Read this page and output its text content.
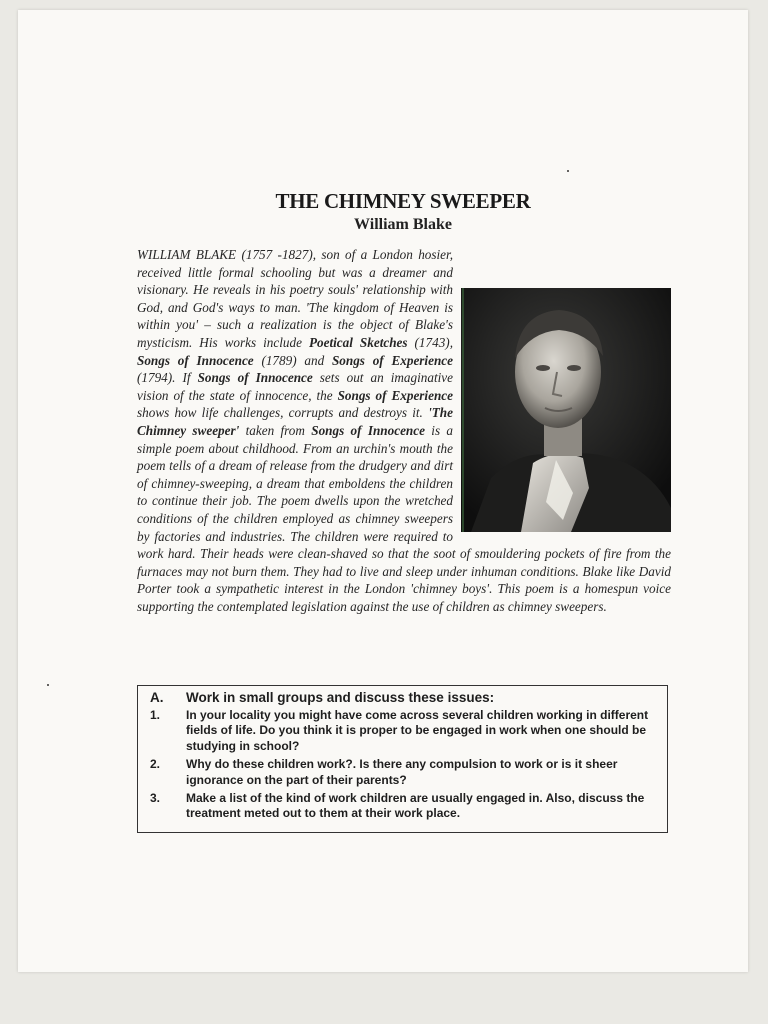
THE CHIMNEY SWEEPER
William Blake
WILLIAM BLAKE (1757 -1827), son of a London hosier, received little formal schooling but was a dreamer and visionary. He reveals in his poetry souls' relationship with God, and God's ways to man. 'The kingdom of Heaven is within you' – such a realization is the object of Blake's mysticism. His works include Poetical Sketches (1743), Songs of Innocence (1789) and Songs of Experience (1794). If Songs of Innocence sets out an imaginative vision of the state of innocence, the Songs of Experience shows how life challenges, corrupts and destroys it. 'The Chimney sweeper' taken from Songs of Innocence is a simple poem about childhood. From an urchin's mouth the poem tells of a dream of release from the drudgery and dirt of chimney-sweeping, a dream that emboldens the children to continue their job. The poem dwells upon the wretched conditions of the children employed as chimney sweepers by factories and industries. The children were required to work hard. Their heads were clean-shaved so that the soot of smouldering pockets of fire from the furnaces may not burn them. They had to live and sleep under inhuman conditions. Blake like David Porter took a sympathetic interest in the London 'chimney boys'. This poem is a homespun voice supporting the contemplated legislation against the use of children as chimney sweepers.
A.	Work in small groups and discuss these issues:
1.	In your locality you might have come across several children working in different fields of life. Do you think it is proper to be engaged in work when one should be studying in school?
2.	Why do these children work?. Is there any compulsion to work or is it sheer ignorance on the part of their parents?
3.	Make a list of the kind of work children are usually engaged in. Also, discuss the treatment meted out to them at their work place.
